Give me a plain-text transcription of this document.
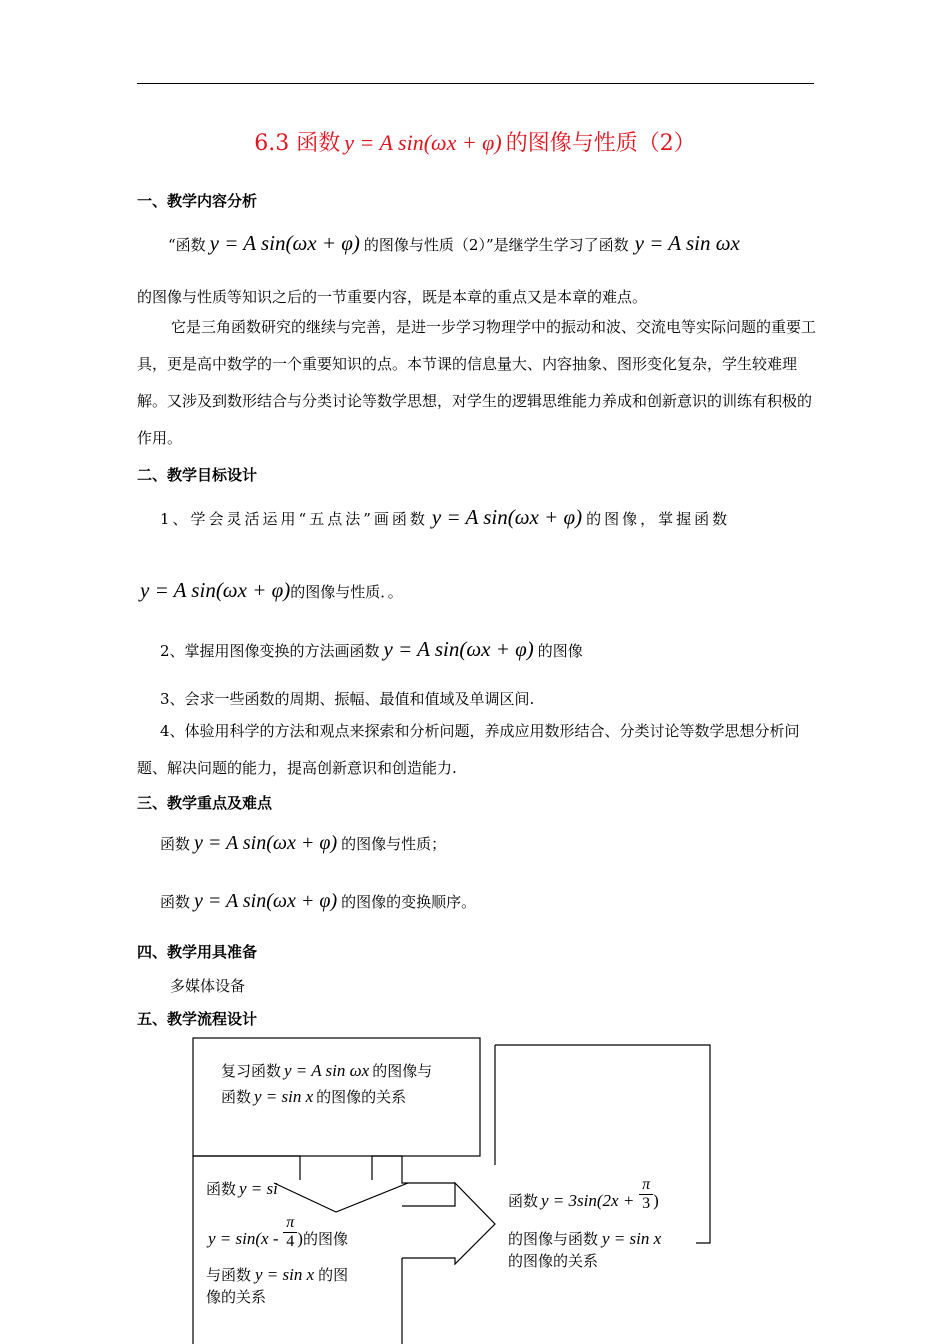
6.3 函数 y = A sin(ωx + φ) 的图像与性质（2）
一、教学内容分析
“函数 y = A sin(ωx + φ) 的图像与性质（2）”是继学生学习了函数 y = A sin ωx
的图像与性质等知识之后的一节重要内容，既是本章的重点又是本章的难点。
它是三角函数研究的继续与完善，是进一步学习物理学中的振动和波、交流电等实际问题的重要工具，更是高中数学的一个重要知识的点。本节课的信息量大、内容抽象、图形变化复杂，学生较难理解。又涉及到数形结合与分类讨论等数学思想，对学生的逻辑思维能力养成和创新意识的训练有积极的作用。
二、教学目标设计
1、学会灵活运用“五点法”画函数 y = A sin(ωx + φ) 的图像，掌握函数
y = A sin(ωx + φ)的图像与性质．。
2、掌握用图像变换的方法画函数 y = A sin(ωx + φ) 的图像
3、会求一些函数的周期、振幅、最值和值域及单调区间.
4、体验用科学的方法和观点来探索和分析问题，养成应用数形结合、分类讨论等数学思想分析问题、解决问题的能力，提高创新意识和创造能力.
三、教学重点及难点
函数 y = A sin(ωx + φ) 的图像与性质；
函数 y = A sin(ωx + φ) 的图像的变换顺序。
四、教学用具准备
多媒体设备
五、教学流程设计
复习函数 y = A sin ωx 的图像与
函数 y = sin x 的图像的关系
函数 y = si
$y = \sin(x - \frac{\pi}{4}$ )的图像
与函数 y = sin x 的图
像的关系
函数 $y = 3\sin(2x + \frac{\pi}{3}$ )
的图像与函数 y = sin x
的图像的关系
